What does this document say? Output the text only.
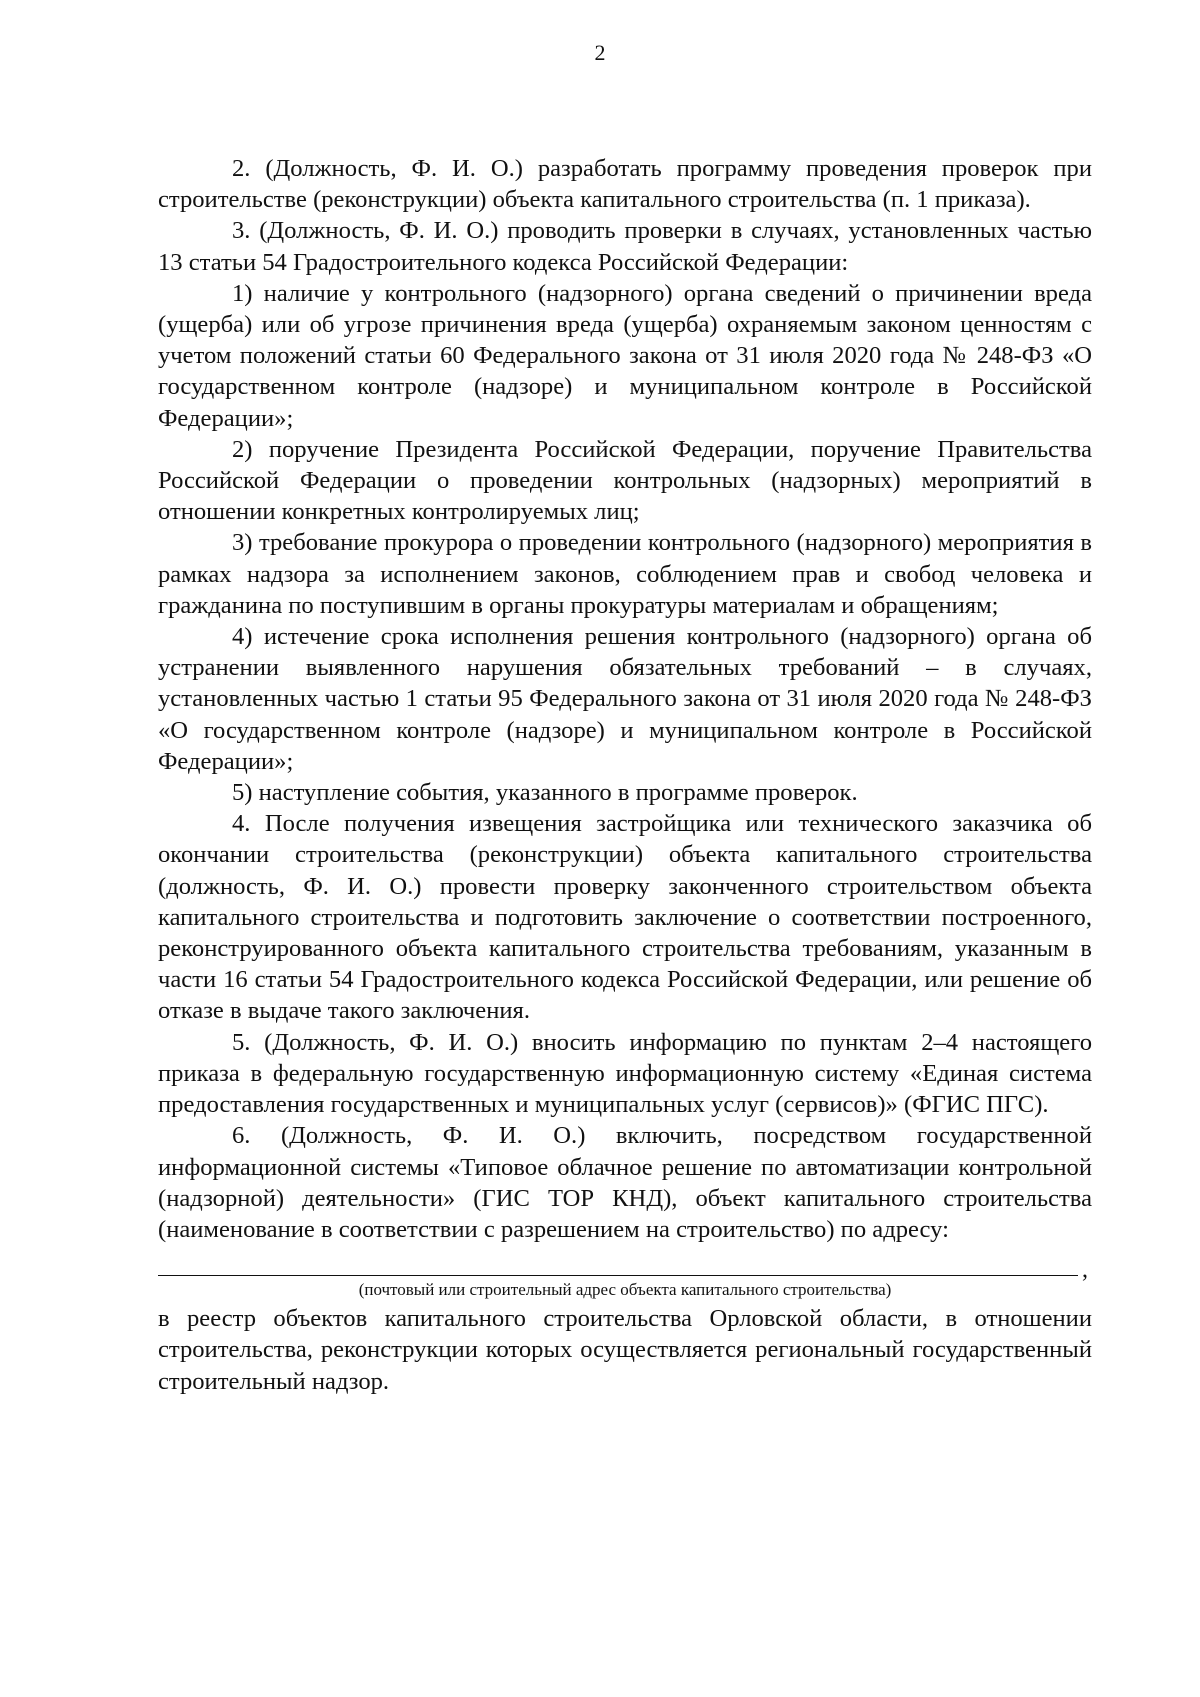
2

2. (Должность, Ф. И. О.) разработать программу проведения проверок при строительстве (реконструкции) объекта капитального строительства (п. 1 приказа).

3. (Должность, Ф. И. О.) проводить проверки в случаях, установленных частью 13 статьи 54 Градостроительного кодекса Российской Федерации:

1) наличие у контрольного (надзорного) органа сведений о причинении вреда (ущерба) или об угрозе причинения вреда (ущерба) охраняемым законом ценностям с учетом положений статьи 60 Федерального закона от 31 июля 2020 года № 248-ФЗ «О государственном контроле (надзоре) и муниципальном контроле в Российской Федерации»;

2) поручение Президента Российской Федерации, поручение Правительства Российской Федерации о проведении контрольных (надзорных) мероприятий в отношении конкретных контролируемых лиц;

3) требование прокурора о проведении контрольного (надзорного) мероприятия в рамках надзора за исполнением законов, соблюдением прав и свобод человека и гражданина по поступившим в органы прокуратуры материалам и обращениям;

4) истечение срока исполнения решения контрольного (надзорного) органа об устранении выявленного нарушения обязательных требований – в случаях, установленных частью 1 статьи 95 Федерального закона от 31 июля 2020 года № 248-ФЗ «О государственном контроле (надзоре) и муниципальном контроле в Российской Федерации»;

5) наступление события, указанного в программе проверок.

4. После получения извещения застройщика или технического заказчика об окончании строительства (реконструкции) объекта капитального строительства (должность, Ф. И. О.) провести проверку законченного строительством объекта капитального строительства и подготовить заключение о соответствии построенного, реконструированного объекта капитального строительства требованиям, указанным в части 16 статьи 54 Градостроительного кодекса Российской Федерации, или решение об отказе в выдаче такого заключения.

5. (Должность, Ф. И. О.) вносить информацию по пунктам 2–4 настоящего приказа в федеральную государственную информационную систему «Единая система предоставления государственных и муниципальных услуг (сервисов)» (ФГИС ПГС).

6. (Должность, Ф. И. О.) включить, посредством государственной информационной системы «Типовое облачное решение по автоматизации контрольной (надзорной) деятельности» (ГИС ТОР КНД), объект капитального строительства (наименование в соответствии с разрешением на строительство) по адресу:

,
(почтовый или строительный адрес объекта капитального строительства)

в реестр объектов капитального строительства Орловской области, в отношении строительства, реконструкции которых осуществляется региональный государственный строительный надзор.
